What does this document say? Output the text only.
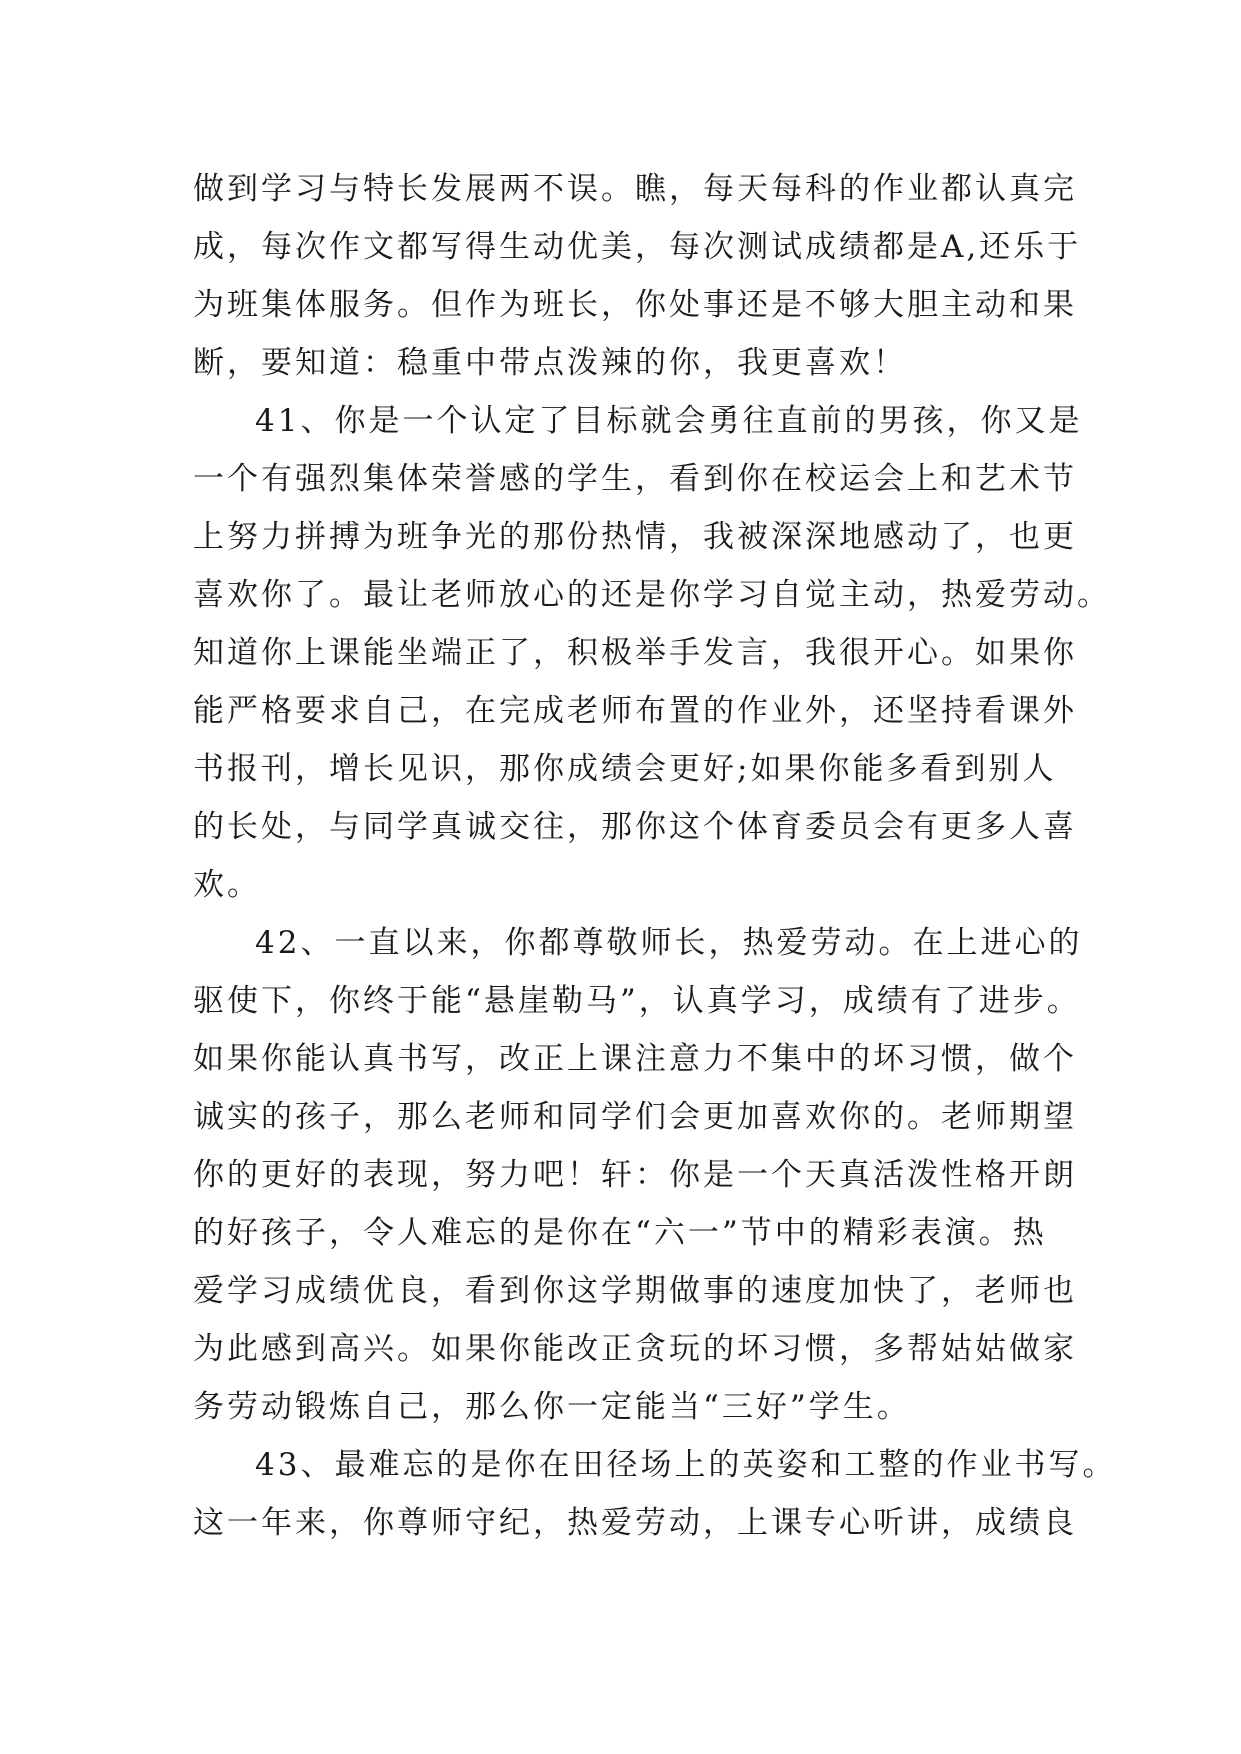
做到学习与特长发展两不误。瞧，每天每科的作业都认真完
成，每次作文都写得生动优美，每次测试成绩都是A,还乐于
为班集体服务。但作为班长，你处事还是不够大胆主动和果
断，要知道：稳重中带点泼辣的你，我更喜欢！
41、你是一个认定了目标就会勇往直前的男孩，你又是
一个有强烈集体荣誉感的学生，看到你在校运会上和艺术节
上努力拼搏为班争光的那份热情，我被深深地感动了，也更
喜欢你了。最让老师放心的还是你学习自觉主动，热爱劳动。
知道你上课能坐端正了，积极举手发言，我很开心。如果你
能严格要求自己，在完成老师布置的作业外，还坚持看课外
书报刊，增长见识，那你成绩会更好;如果你能多看到别人
的长处，与同学真诚交往，那你这个体育委员会有更多人喜
欢。
42、一直以来，你都尊敬师长，热爱劳动。在上进心的
驱使下，你终于能“悬崖勒马”，认真学习，成绩有了进步。
如果你能认真书写，改正上课注意力不集中的坏习惯，做个
诚实的孩子，那么老师和同学们会更加喜欢你的。老师期望
你的更好的表现，努力吧！轩：你是一个天真活泼性格开朗
的好孩子，令人难忘的是你在“六一”节中的精彩表演。热
爱学习成绩优良，看到你这学期做事的速度加快了，老师也
为此感到高兴。如果你能改正贪玩的坏习惯，多帮姑姑做家
务劳动锻炼自己，那么你一定能当“三好”学生。
43、最难忘的是你在田径场上的英姿和工整的作业书写。
这一年来，你尊师守纪，热爱劳动，上课专心听讲，成绩良
